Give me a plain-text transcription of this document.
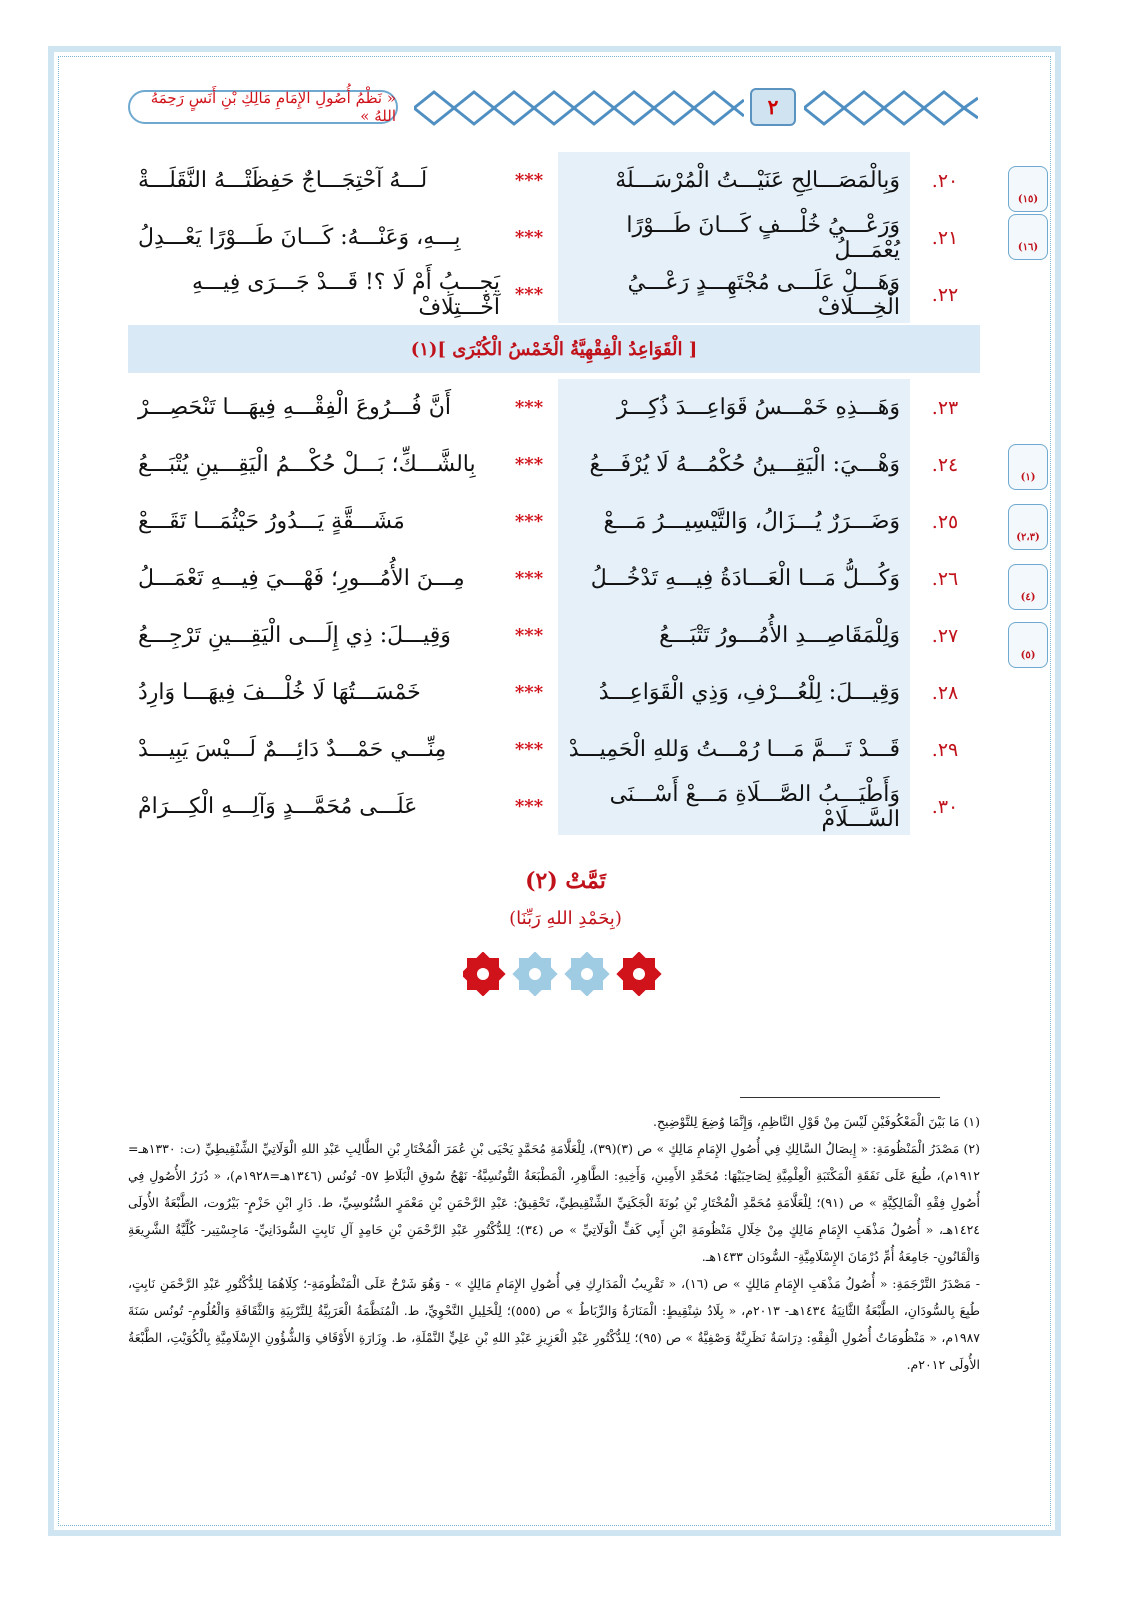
« نَظْمُ أُصُولِ الإِمَامِ مَالِكِ بْنِ أَنَسٍ رَحِمَهُ اللهُ »	٢
(١٥)
(١٦)
(١)
(٢،٣)
(٤)
(٥)
٢٠.
وَبِالْمَصَـــالِحِ عَنَيْـــتُ الْمُرْسَـــلَهْ
***
لَـــهُ آحْتِجَـــاجٌ حَفِظَتْـــهُ النَّقَلَـــةْ
٢١.
وَرَعْـــيُ خُلْـــفٍ كَـــانَ طَـــوْرًا يُعْمَـــلُ
***
بِـــهِ، وَعَنْـــهُ: كَـــانَ طَـــوْرًا يَعْـــدِلُ
٢٢.
وَهَـــلْ عَلَـــى مُجْتَهِـــدٍ رَعْـــيُ الْخِـــلَافْ
***
يَجِـــبُ أَمْ لَا ؟! قَـــدْ جَـــرَى فِيـــهِ آخْـــتِلَافْ
[ الْقَوَاعِدُ الْفِقْهِيَّةُ الْخَمْسُ الْكُبْرَى ](١)
٢٣.
وَهَـــذِهِ خَمْـــسُ قَوَاعِـــدَ ذُكِـــرْ
***
أَنَّ فُـــرُوعَ الْفِقْـــهِ فِيهَـــا تَنْحَصِـــرْ
٢٤.
وَهْـــيَ: الْيَقِـــينُ حُكْمُـــهُ لَا يُرْفَـــعُ
***
بِالشَّـــكِّ؛ بَـــلْ حُكْـــمُ الْيَقِـــينِ يُتْبَـــعُ
٢٥.
وَضَـــرَرٌ يُـــزَالُ، وَالتَّيْسِيـــرُ مَـــعْ
***
مَشَـــقَّةٍ يَـــدُورُ حَيْثُمَـــا تَقَـــعْ
٢٦.
وَكُـــلُّ مَـــا الْعَـــادَةُ فِيـــهِ تَدْخُـــلُ
***
مِـــنَ الأُمُـــورِ؛ فَهْـــيَ فِيـــهِ تَعْمَـــلُ
٢٧.
وَلِلْمَقَاصِـــدِ الأُمُـــورُ تَتْبَـــعُ
***
وَقِيـــلَ: ذِي إِلَـــى الْيَقِـــينِ تَرْجِـــعُ
٢٨.
وَقِيـــلَ: لِلْعُـــرْفِ، وَذِي الْقَوَاعِـــدُ
***
خَمْسَـــتُهَا لَا خُلْـــفَ فِيهَـــا وَارِدُ
٢٩.
قَـــدْ تَـــمَّ مَـــا رُمْـــتُ وَللهِ الْحَمِيـــدْ
***
مِنِّـــي حَمْـــدٌ دَائِـــمٌ لَـــيْسَ يَبِيـــدْ
٣٠.
وَأَطْيَـــبُ الصَّـــلَاةِ مَـــعْ أَسْـــنَى السَّـــلَامْ
***
عَلَـــى مُحَمَّـــدٍ وَآلِـــهِ الْكِـــرَامْ
تَمَّتْ (٢)
(بِحَمْدِ اللهِ رَبِّنَا)

(١) مَا بَيْنَ الْمَعْكُوفَيْنِ لَيْسَ مِنْ قَوْلِ النَّاظِمِ، وَإِنَّمَا وُضِعَ لِلتَّوْضِيحِ.

(٢) مَصْدَرُ الْمَنْظُومَةِ: « إِيصَالُ السَّالِكِ فِي أُصُولِ الإِمَامِ مَالِكٍ » ص (٣)(٣٩)، لِلْعَلَّامَةِ مُحَمَّدٍ يَحْيَى بْنِ عُمَرَ الْمُخْتَارِ بْنِ الطَّالِبِ عَبْدِ اللهِ الْوَلَاتِيِّ الشِّنْقِيطِيِّ (ت: ١٣٣٠هـ= ١٩١٢م)، طُبِعَ عَلَى نَفَقَةِ الْمَكْتَبَةِ الْعِلْمِيَّةِ لِصَاحِبَيْهَا: مُحَمَّدِ الأَمِينِ، وَأَخِيهِ: الطَّاهِرِ، الْمَطْبَعَةُ التُّونُسِيَّةُ- نَهْجُ سُوقِ الْبَلَاطِ ٥٧- تُونُس (١٣٤٦هـ=١٩٢٨م)، « دُرَرُ الأُصُولِ فِي أُصُولِ فِقْهِ الْمَالِكِيَّةِ » ص (٩١)؛ لِلْعَلَّامَةِ مُحَمَّدِ الْمُخْتَارِ بْنِ بُونَةَ الْجَكَنِيِّ الشِّنْقِيطِيِّ، تَحْقِيقُ: عَبْدِ الرَّحْمَنِ بْنِ مَعْمَرٍ السُّنُوسِيِّ، ط. دَارِ ابْنِ حَزْمٍ- بَيْرُوت، الطَّبْعَةُ الأُولَى ١٤٢٤هـ، « أُصُولُ مَذْهَبِ الإِمَامِ مَالِكٍ مِنْ خِلَالِ مَنْظُومَةِ ابْنِ أَبِي كَفٍّ الْوَلَاتِيِّ » ص (٣٤)؛ لِلدُّكْتُورِ عَبْدِ الرَّحْمَنِ بْنِ حَامِدٍ آلِ نَابِتٍ السُّودَانِيِّ- مَاجِسْتِير- كُلِّيَّةُ الشَّرِيعَةِ وَالْقَانُونِ- جَامِعَةُ أُمِّ دُرْمَانَ الإِسْلَامِيَّةِ- السُّودَان ١٤٣٣هـ.

- مَصْدَرُ التَّرْجَمَةِ: « أُصُولُ مَذْهَبِ الإِمَامِ مَالِكٍ » ص (١٦)، « تَقْرِيبُ الْمَدَارِكِ فِي أُصُولِ الإِمَامِ مَالِكٍ » - وَهُوَ شَرْحٌ عَلَى الْمَنْظُومَةِ-؛ كِلَاهُمَا لِلدُّكْتُورِ عَبْدِ الرَّحْمَنِ نَابِتٍ، طُبِعَ بِالسُّودَانِ، الطَّبْعَةُ الثَّانِيَةُ ١٤٣٤هـ- ٢٠١٣م، « بِلَادُ شِنْقِيطٍ: الْمَنَارَةُ وَالرِّبَاطُ » ص (٥٥٥)؛ لِلْخَلِيلِ النَّحْوِيِّ، ط. الْمُنَظَّمَةُ الْعَرَبِيَّةُ لِلتَّرْبِيَةِ وَالثَّقَافَةِ وَالْعُلُومِ- تُونُس سَنَةَ ١٩٨٧م، « مَنْظُومَاتُ أُصُولِ الْفِقْهِ: دِرَاسَةٌ نَظَرِيَّةٌ وَصْفِيَّةٌ » ص (٩٥)؛ لِلدُّكْتُورِ عَبْدِ الْعَزِيزِ عَبْدِ اللهِ بْنِ عَلِيٍّ النَّمْلَةِ، ط. وِزَارَةِ الأَوْقَافِ وَالشُّؤُونِ الإِسْلَامِيَّةِ بِالْكُوَيْتِ، الطَّبْعَةُ الأُولَى ٢٠١٢م.
